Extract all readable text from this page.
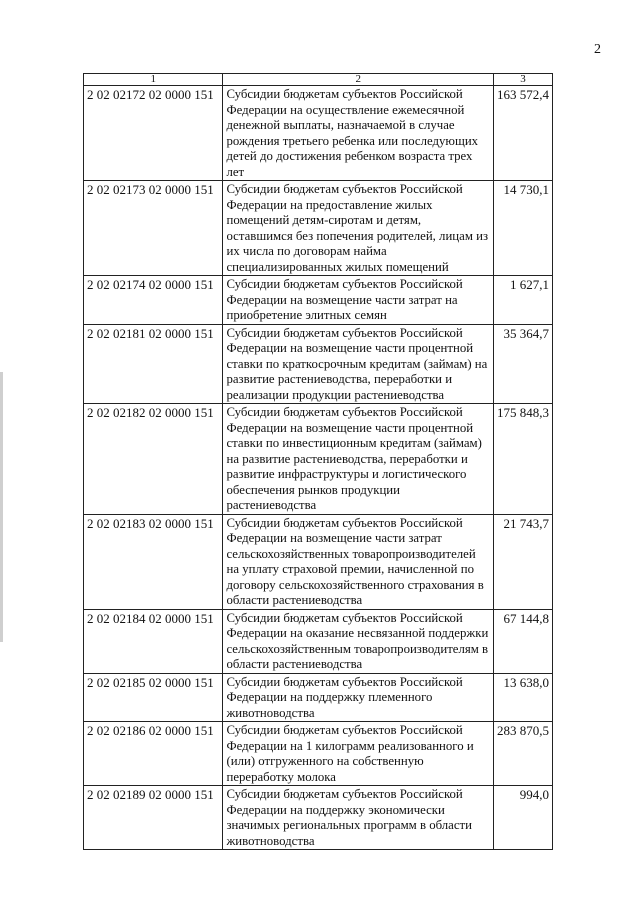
2
1	2	3
2 02 02172 02 0000 151	Субсидии бюджетам субъектов Российской Федерации на осуществление ежемесячной денежной выплаты, назначаемой в случае рождения третьего ребенка или последующих детей до достижения ребенком возраста трех лет	163 572,4
2 02 02173 02 0000 151	Субсидии бюджетам субъектов Российской Федерации на предоставление жилых помещений детям-сиротам и детям, оставшимся без попечения родителей, лицам из их числа по договорам найма специализированных жилых помещений	14 730,1
2 02 02174 02 0000 151	Субсидии бюджетам субъектов Российской Федерации на возмещение части затрат на приобретение элитных семян	1 627,1
2 02 02181 02 0000 151	Субсидии бюджетам субъектов Российской Федерации на возмещение части процентной ставки по краткосрочным кредитам (займам) на развитие растениеводства, переработки и реализации продукции растениеводства	35 364,7
2 02 02182 02 0000 151	Субсидии бюджетам субъектов Российской Федерации на возмещение части процентной ставки по инвестиционным кредитам (займам) на развитие растениеводства, переработки и развитие инфраструктуры и логистического обеспечения рынков продукции растениеводства	175 848,3
2 02 02183 02 0000 151	Субсидии бюджетам субъектов Российской Федерации на возмещение части затрат сельскохозяйственных товаропроизводителей на уплату страховой премии, начисленной по договору сельскохозяйственного страхования в области растениеводства	21 743,7
2 02 02184 02 0000 151	Субсидии бюджетам субъектов Российской Федерации на оказание несвязанной поддержки сельскохозяйственным товаропроизводителям в области растениеводства	67 144,8
2 02 02185 02 0000 151	Субсидии бюджетам субъектов Российской Федерации на поддержку племенного животноводства	13 638,0
2 02 02186 02 0000 151	Субсидии бюджетам субъектов Российской Федерации на 1 килограмм реализованного и (или) отгруженного на собственную переработку молока	283 870,5
2 02 02189 02 0000 151	Субсидии бюджетам субъектов Российской Федерации на поддержку экономически значимых региональных программ в области животноводства	994,0
